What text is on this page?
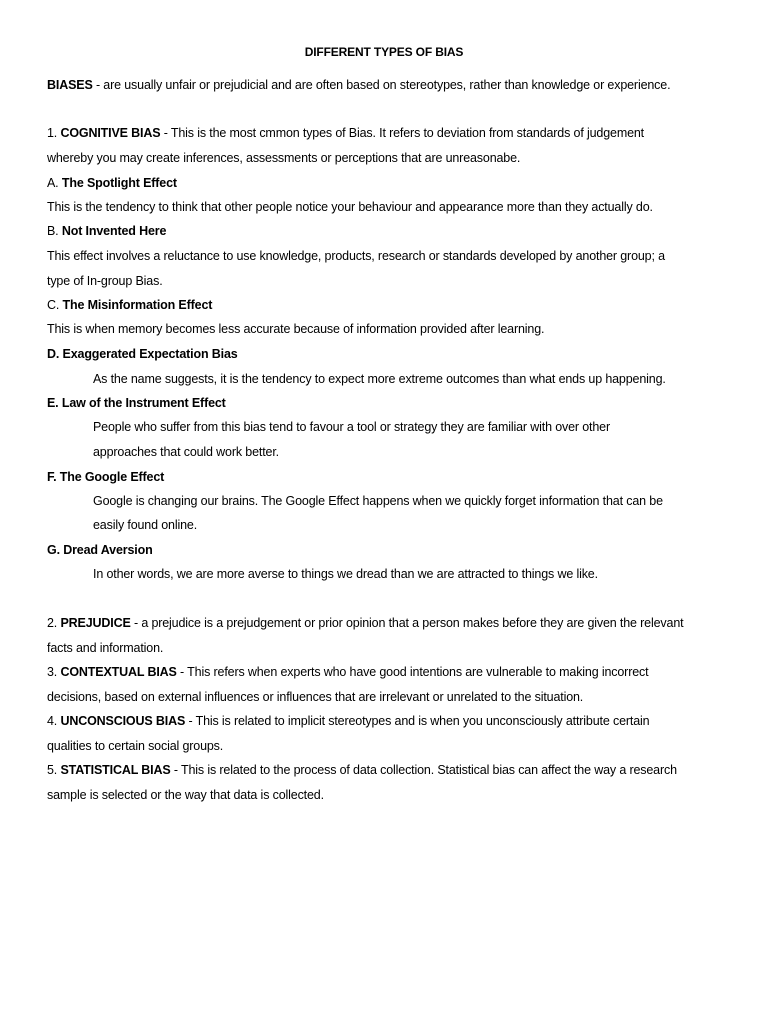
DIFFERENT TYPES OF BIAS
BIASES - are usually unfair or prejudicial and are often based on stereotypes, rather than knowledge or experience.
1. COGNITIVE BIAS - This is the most cmmon types of Bias. It refers to deviation from standards of judgement
whereby you may create inferences, assessments or perceptions that are unreasonabe.
A. The Spotlight Effect
This is the tendency to think that other people notice your behaviour and appearance more than they actually do.
B. Not Invented Here
This effect involves a reluctance to use knowledge, products, research or standards developed by another group; a
type of In-group Bias.
C. The Misinformation Effect
This is when memory becomes less accurate because of information provided after learning.
D. Exaggerated Expectation Bias
As the name suggests, it is the tendency to expect more extreme outcomes than what ends up happening.
E. Law of the Instrument Effect
People who suffer from this bias tend to favour a tool or strategy they are familiar with over other
approaches that could work better.
F. The Google Effect
Google is changing our brains. The Google Effect happens when we quickly forget information that can be
easily found online.
G. Dread Aversion
In other words, we are more averse to things we dread than we are attracted to things we like.
2. PREJUDICE - a prejudice is a prejudgement or prior opinion that a person makes before they are given the relevant
facts and information.
3. CONTEXTUAL BIAS - This refers when experts who have good intentions are vulnerable to making incorrect
decisions, based on external influences or influences that are irrelevant or unrelated to the situation.
4. UNCONSCIOUS BIAS - This is related to implicit stereotypes and is when you unconsciously attribute certain
qualities to certain social groups.
5. STATISTICAL BIAS - This is related to the process of data collection. Statistical bias can affect the way a research
sample is selected or the way that data is collected.
